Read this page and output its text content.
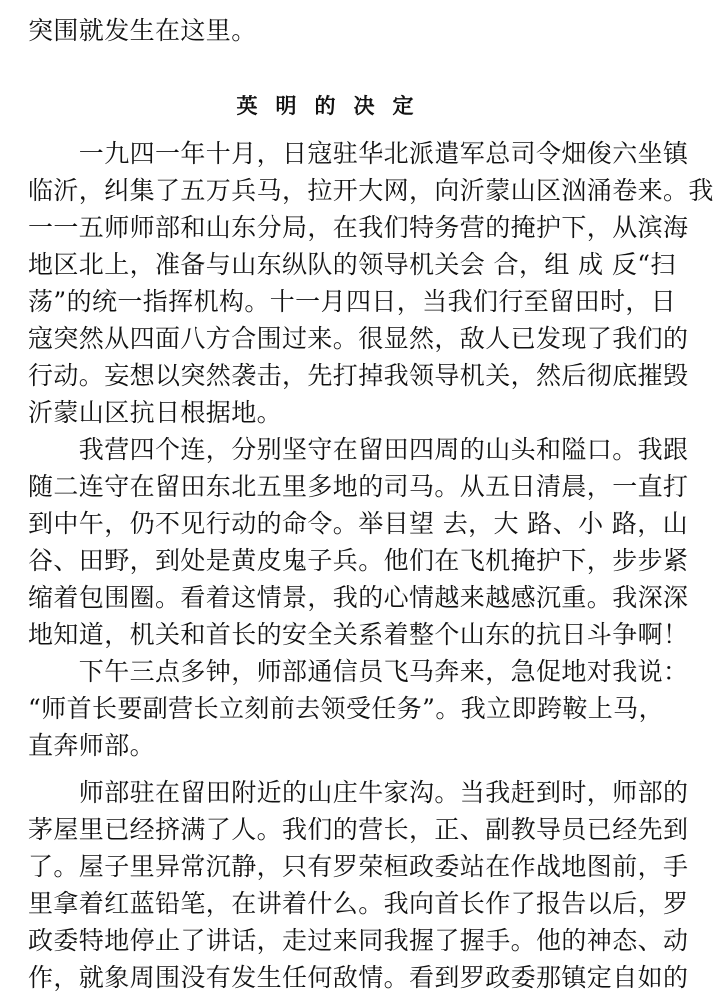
突围就发生在这里。
英明的决定
　　一九四一年十月，日寇驻华北派遣军总司令畑俊六坐镇
临沂，纠集了五万兵马，拉开大网，向沂蒙山区汹涌卷来。我
一一五师师部和山东分局，在我们特务营的掩护下，从滨海
地区北上，准备与山东纵队的领导机关会 合，组 成 反“扫
荡”的统一指挥机构。十一月四日，当我们行至留田时，日
寇突然从四面八方合围过来。很显然，敌人已发现了我们的
行动。妄想以突然袭击，先打掉我领导机关，然后彻底摧毁
沂蒙山区抗日根据地。
　　我营四个连，分别坚守在留田四周的山头和隘口。我跟
随二连守在留田东北五里多地的司马。从五日清晨，一直打
到中午，仍不见行动的命令。举目望 去，大 路、小 路，山
谷、田野，到处是黄皮鬼子兵。他们在飞机掩护下，步步紧
缩着包围圈。看着这情景，我的心情越来越感沉重。我深深
地知道，机关和首长的安全关系着整个山东的抗日斗争啊！
　　下午三点多钟，师部通信员飞马奔来，急促地对我说：
“师首长要副营长立刻前去领受任务”。我立即跨鞍上马，
直奔师部。
　　师部驻在留田附近的山庄牛家沟。当我赶到时，师部的
茅屋里已经挤满了人。我们的营长，正、副教导员已经先到
了。屋子里异常沉静，只有罗荣桓政委站在作战地图前，手
里拿着红蓝铅笔，在讲着什么。我向首长作了报告以后，罗
政委特地停止了讲话，走过来同我握了握手。他的神态、动
作，就象周围没有发生任何敌情。看到罗政委那镇定自如的
